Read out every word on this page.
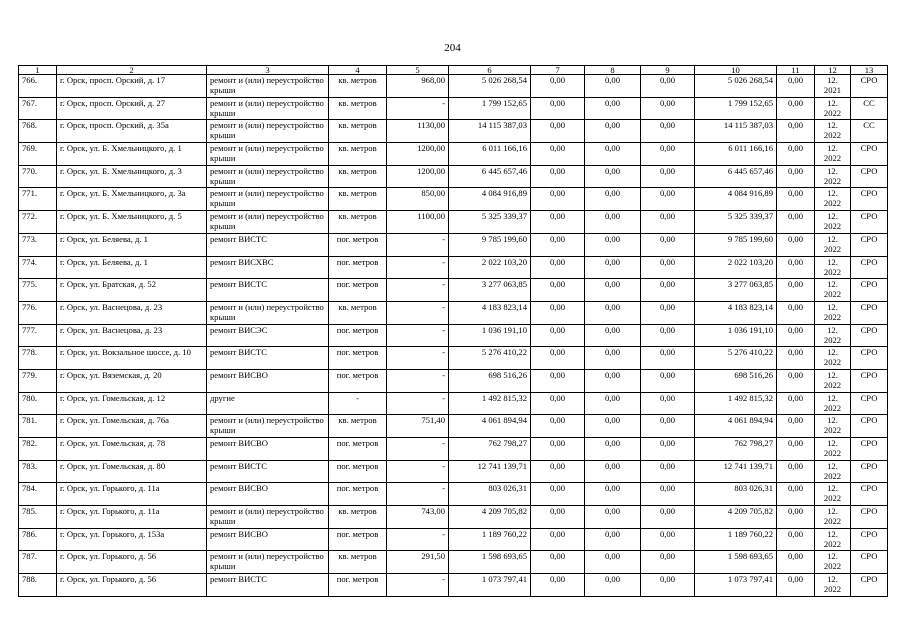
204
1	2	3	4	5	6	7	8	9	10	11	12	13
766.	г. Орск, просп. Орский, д. 17	ремонт и (или) переустройство крыши	кв. метров	968,00	5 026 268,54	0,00	0,00	0,00	5 026 268,54	0,00	12. 2021	СРО
767.	г. Орск, просп. Орский, д. 27	ремонт и (или) переустройство крыши	кв. метров	-	1 799 152,65	0,00	0,00	0,00	1 799 152,65	0,00	12. 2022	СС
768.	г. Орск, просп. Орский, д. 35а	ремонт и (или) переустройство крыши	кв. метров	1130,00	14 115 387,03	0,00	0,00	0,00	14 115 387,03	0,00	12. 2022	СС
769.	г. Орск, ул. Б. Хмельницкого, д. 1	ремонт и (или) переустройство крыши	кв. метров	1200,00	6 011 166,16	0,00	0,00	0,00	6 011 166,16	0,00	12. 2022	СРО
770.	г. Орск, ул. Б. Хмельницкого, д. 3	ремонт и (или) переустройство крыши	кв. метров	1200,00	6 445 657,46	0,00	0,00	0,00	6 445 657,46	0,00	12. 2022	СРО
771.	г. Орск, ул. Б. Хмельницкого, д. 3а	ремонт и (или) переустройство крыши	кв. метров	850,00	4 084 916,89	0,00	0,00	0,00	4 084 916,89	0,00	12. 2022	СРО
772.	г. Орск, ул. Б. Хмельницкого, д. 5	ремонт и (или) переустройство крыши	кв. метров	1100,00	5 325 339,37	0,00	0,00	0,00	5 325 339,37	0,00	12. 2022	СРО
773.	г. Орск, ул. Беляева, д. 1	ремонт ВИСТС	пог. метров	-	9 785 199,60	0,00	0,00	0,00	9 785 199,60	0,00	12. 2022	СРО
774.	г. Орск, ул. Беляева, д. 1	ремонт ВИСХВС	пог. метров	-	2 022 103,20	0,00	0,00	0,00	2 022 103,20	0,00	12. 2022	СРО
775.	г. Орск, ул. Братская, д. 52	ремонт ВИСТС	пог. метров	-	3 277 063,85	0,00	0,00	0,00	3 277 063,85	0,00	12. 2022	СРО
776.	г. Орск, ул. Васнецова, д. 23	ремонт и (или) переустройство крыши	кв. метров	-	4 183 823,14	0,00	0,00	0,00	4 183 823,14	0,00	12. 2022	СРО
777.	г. Орск, ул. Васнецова, д. 23	ремонт ВИСЭС	пог. метров	-	1 036 191,10	0,00	0,00	0,00	1 036 191,10	0,00	12. 2022	СРО
778.	г. Орск, ул. Вокзальное шоссе, д. 10	ремонт ВИСТС	пог. метров	-	5 276 410,22	0,00	0,00	0,00	5 276 410,22	0,00	12. 2022	СРО
779.	г. Орск, ул. Вяземская, д. 20	ремонт ВИСВО	пог. метров	-	698 516,26	0,00	0,00	0,00	698 516,26	0,00	12. 2022	СРО
780.	г. Орск, ул. Гомельская, д. 12	другие	-	-	1 492 815,32	0,00	0,00	0,00	1 492 815,32	0,00	12. 2022	СРО
781.	г. Орск, ул. Гомельская, д. 76а	ремонт и (или) переустройство крыши	кв. метров	751,40	4 061 894,94	0,00	0,00	0,00	4 061 894,94	0,00	12. 2022	СРО
782.	г. Орск, ул. Гомельская, д. 78	ремонт ВИСВО	пог. метров	-	762 798,27	0,00	0,00	0,00	762 798,27	0,00	12. 2022	СРО
783.	г. Орск, ул. Гомельская, д. 80	ремонт ВИСТС	пог. метров	-	12 741 139,71	0,00	0,00	0,00	12 741 139,71	0,00	12. 2022	СРО
784.	г. Орск, ул. Горького, д. 11а	ремонт ВИСВО	пог. метров	-	803 026,31	0,00	0,00	0,00	803 026,31	0,00	12. 2022	СРО
785.	г. Орск, ул. Горького, д. 11а	ремонт и (или) переустройство крыши	кв. метров	743,00	4 209 705,82	0,00	0,00	0,00	4 209 705,82	0,00	12. 2022	СРО
786.	г. Орск, ул. Горького, д. 153а	ремонт ВИСВО	пог. метров	-	1 189 760,22	0,00	0,00	0,00	1 189 760,22	0,00	12. 2022	СРО
787.	г. Орск, ул. Горького, д. 56	ремонт и (или) переустройство крыши	кв. метров	291,50	1 598 693,65	0,00	0,00	0,00	1 598 693,65	0,00	12. 2022	СРО
788.	г. Орск, ул. Горького, д. 56	ремонт ВИСТС	пог. метров	-	1 073 797,41	0,00	0,00	0,00	1 073 797,41	0,00	12. 2022	СРО
